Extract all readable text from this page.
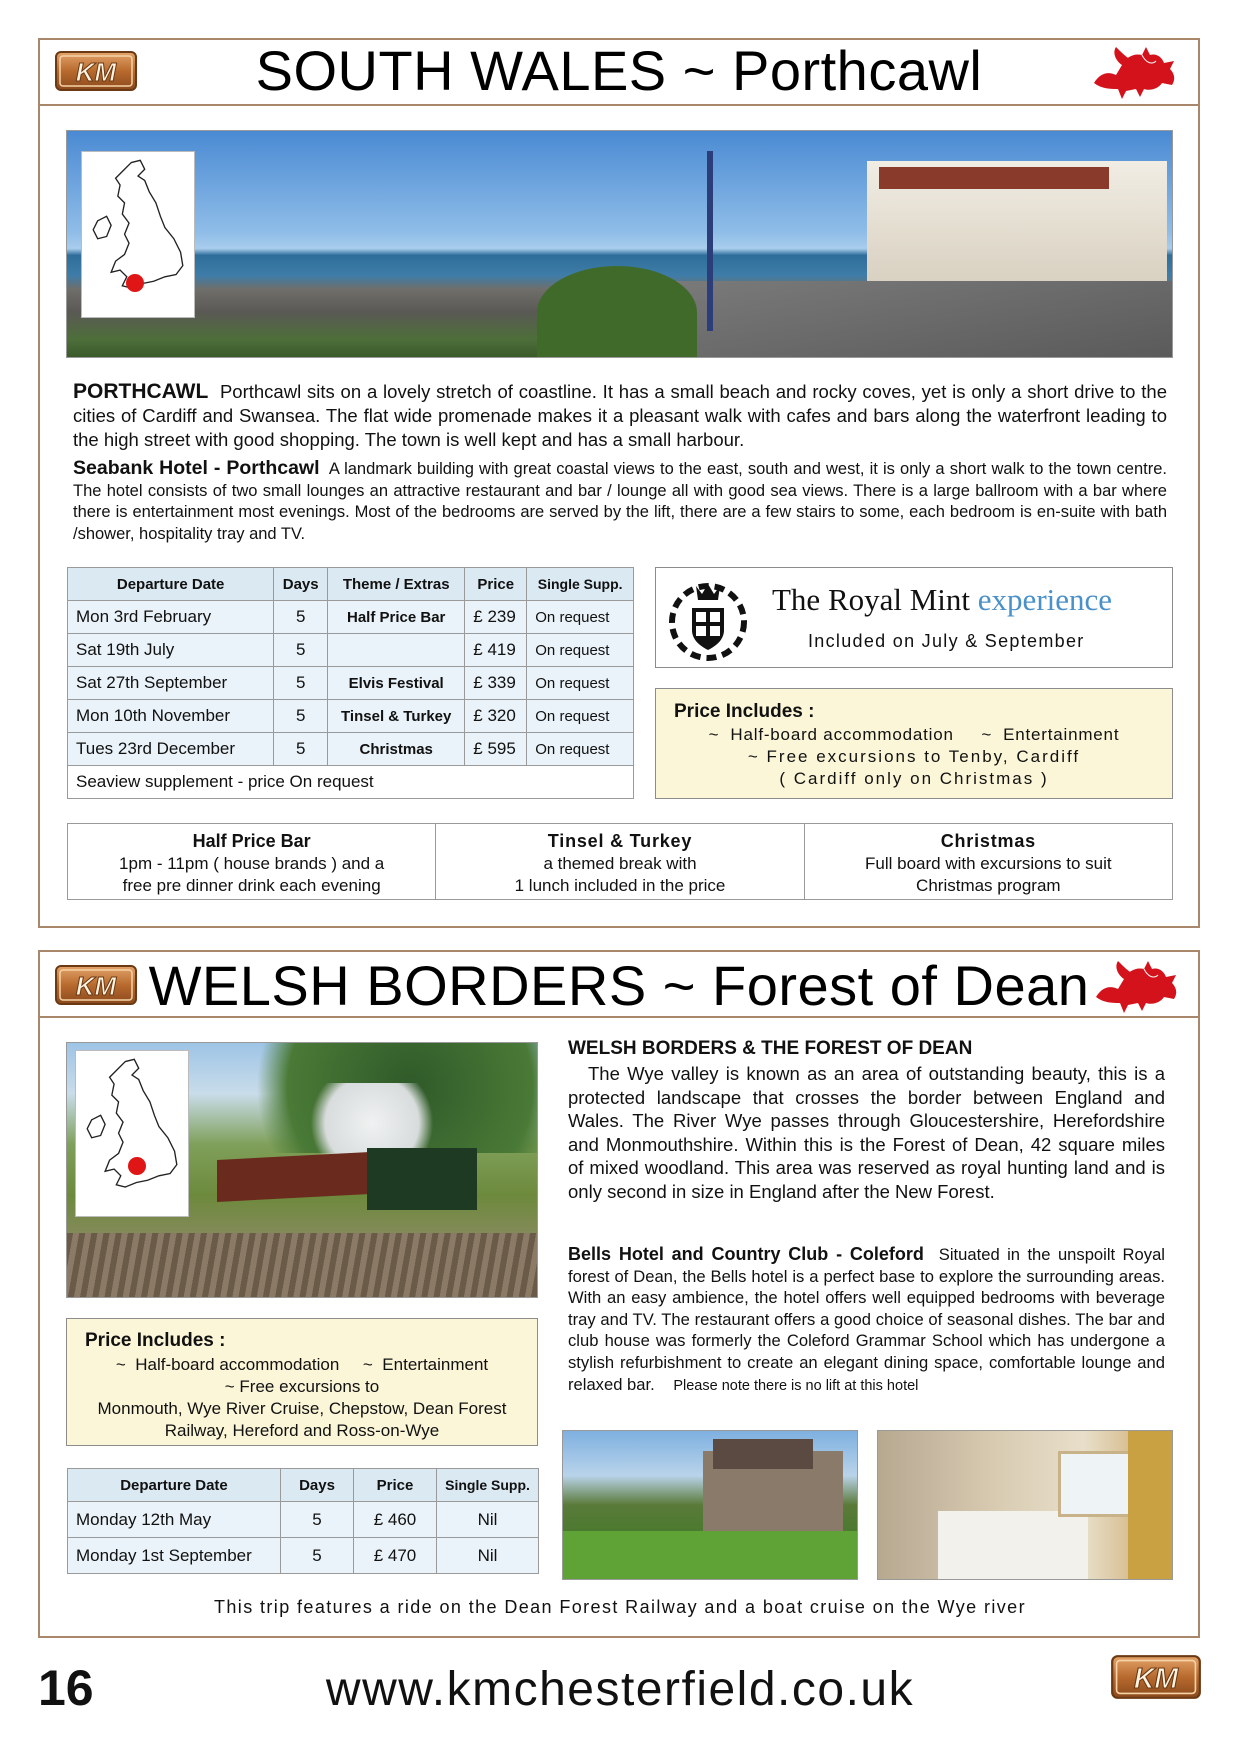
SOUTH WALES ~ Porthcawl
PORTHCAWL Porthcawl sits on a lovely stretch of coastline. It has a small beach and rocky coves, yet is only a short drive to the cities of Cardiff and Swansea. The flat wide promenade makes it a pleasant walk with cafes and bars along the waterfront leading to the high street with good shopping. The town is well kept and has a small harbour.
Seabank Hotel - Porthcawl A landmark building with great coastal views to the east, south and west, it is only a short walk to the town centre. The hotel consists of two small lounges an attractive restaurant and bar / lounge all with good sea views. There is a large ballroom with a bar where there is entertainment most evenings. Most of the bedrooms are served by the lift, there are a few stairs to some, each bedroom is en-suite with bath /shower, hospitality tray and TV.
Departure Date	Days	Theme / Extras	Price	Single Supp.
Mon 3rd February	5	Half Price Bar	£ 239	On request
Sat 19th July	5		£ 419	On request
Sat 27th September	5	Elvis Festival	£ 339	On request
Mon 10th November	5	Tinsel & Turkey	£ 320	On request
Tues 23rd December	5	Christmas	£ 595	On request
Seaview supplement - price On request				
The Royal Mint experience
Included on July & September
Price Includes :
~  Half-board accommodation     ~  Entertainment
~ Free excursions to Tenby, Cardiff
( Cardiff only on Christmas )
Half Price Bar
1pm - 11pm ( house brands ) and a
free pre dinner drink each evening
Tinsel & Turkey
a themed break with
1 lunch included in the price
Christmas
Full board with excursions to suit
Christmas program
WELSH BORDERS ~ Forest of Dean
WELSH BORDERS & THE FOREST OF DEAN
The Wye valley is known as an area of outstanding beauty, this is a protected landscape that crosses the border between England and Wales. The River Wye passes through Gloucestershire, Herefordshire and Monmouthshire. Within this is the Forest of Dean, 42 square miles of mixed woodland. This area was reserved as royal hunting land and is only second in size in England after the New Forest.
Bells Hotel and Country Club - Coleford Situated in the unspoilt Royal forest of Dean, the Bells hotel is a perfect base to explore the surrounding areas. With an easy ambience, the hotel offers well equipped bedrooms with beverage tray and TV. The restaurant offers a good choice of seasonal dishes. The bar and club house was formerly the Coleford Grammar School which has undergone a stylish refurbishment to create an elegant dining space, comfortable lounge and relaxed bar. Please note there is no lift at this hotel
Price Includes :
~  Half-board accommodation     ~  Entertainment
~ Free excursions to
Monmouth, Wye River Cruise, Chepstow, Dean Forest Railway, Hereford and Ross-on-Wye
Departure Date	Days	Price	Single Supp.
Monday 12th May	5	£ 460	Nil
Monday 1st September	5	£ 470	Nil
This trip features a ride on the Dean Forest Railway and a boat cruise on the Wye river
16	www.kmchesterfield.co.uk
